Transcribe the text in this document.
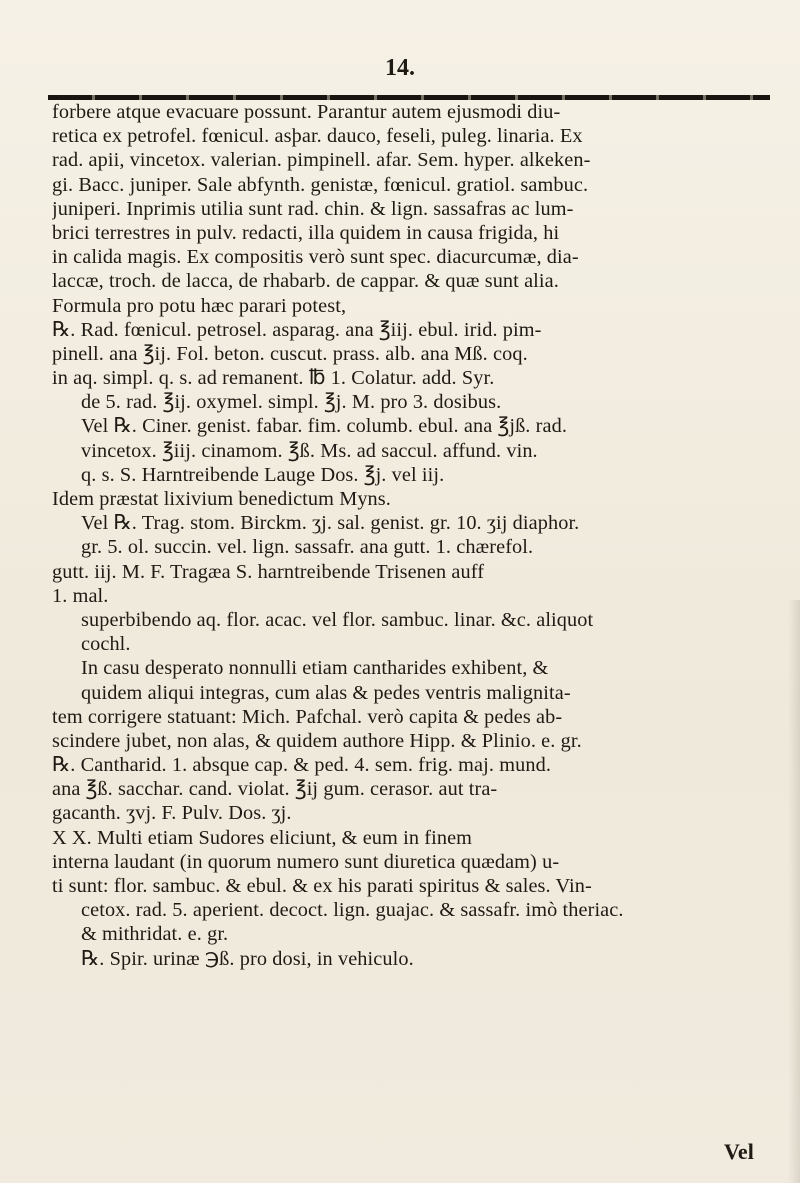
14.
forbere atque evacuare possunt. Parantur autem ejusmodi diu-
retica ex petrofel. fœnicul. asþar. dauco, feseli, puleg. linaria. Ex
rad. apii, vincetox. valerian. pimpinell. afar. Sem. hyper. alkeken-
gi. Bacc. juniper. Sale abfynth. genistæ, fœnicul. gratiol. sambuc.
juniperi. Inprimis utilia sunt rad. chin. & lign. sassafras ac lum-
brici terrestres in pulv. redacti, illa quidem in causa frigida, hi
in calida magis. Ex compositis verò sunt spec. diacurcumæ, dia-
laccæ, troch. de lacca, de rhabarb. de cappar. & quæ sunt alia.
Formula pro potu hæc parari potest,
℞. Rad. fœnicul. petrosel. asparag. ana ℥iij. ebul. irid. pim-
pinell. ana ℥ij. Fol. beton. cuscut. prass. alb. ana Mß. coq.
in aq. simpl. q. s. ad remanent. ℔ 1. Colatur. add. Syr.
de 5. rad. ℥ij. oxymel. simpl. ℥j. M. pro 3. dosibus.
Vel ℞. Ciner. genist. fabar. fim. columb. ebul. ana ℥jß. rad.
vincetox. ℥iij. cinamom. ℥ß. Ms. ad saccul. affund. vin.
q. s. S. Harntreibende Lauge Dos. ℥j. vel iij.
Idem præstat lixivium benedictum Myns.
Vel ℞. Trag. stom. Birckm. ʒj. sal. genist. gr. 10. ʒij diaphor.
gr. 5. ol. succin. vel. lign. sassafr. ana gutt. 1. chærefol.
gutt. iij. M. F. Tragæa S. harntreibende Trisenen auff
1. mal.
superbibendo aq. flor. acac. vel flor. sambuc. linar. &c. aliquot
cochl.
In casu desperato nonnulli etiam cantharides exhibent, &
quidem aliqui integras, cum alas & pedes ventris malignita-
tem corrigere statuant: Mich. Pafchal. verò capita & pedes ab-
scindere jubet, non alas, & quidem authore Hipp. & Plinio. e. gr.
℞. Cantharid. 1. absque cap. & ped. 4. sem. frig. maj. mund.
ana ℥ß. sacchar. cand. violat. ℥ij gum. cerasor. aut tra-
gacanth. ʒvj. F. Pulv. Dos. ʒj.
X X. Multi etiam Sudores eliciunt, & eum in finem
interna laudant (in quorum numero sunt diuretica quædam) u-
ti sunt: flor. sambuc. & ebul. & ex his parati spiritus & sales. Vin-
cetox. rad. 5. aperient. decoct. lign. guajac. & sassafr. imò theriac.
& mithridat. e. gr.
℞. Spir. urinæ ℈ß. pro dosi, in vehiculo.
Vel
